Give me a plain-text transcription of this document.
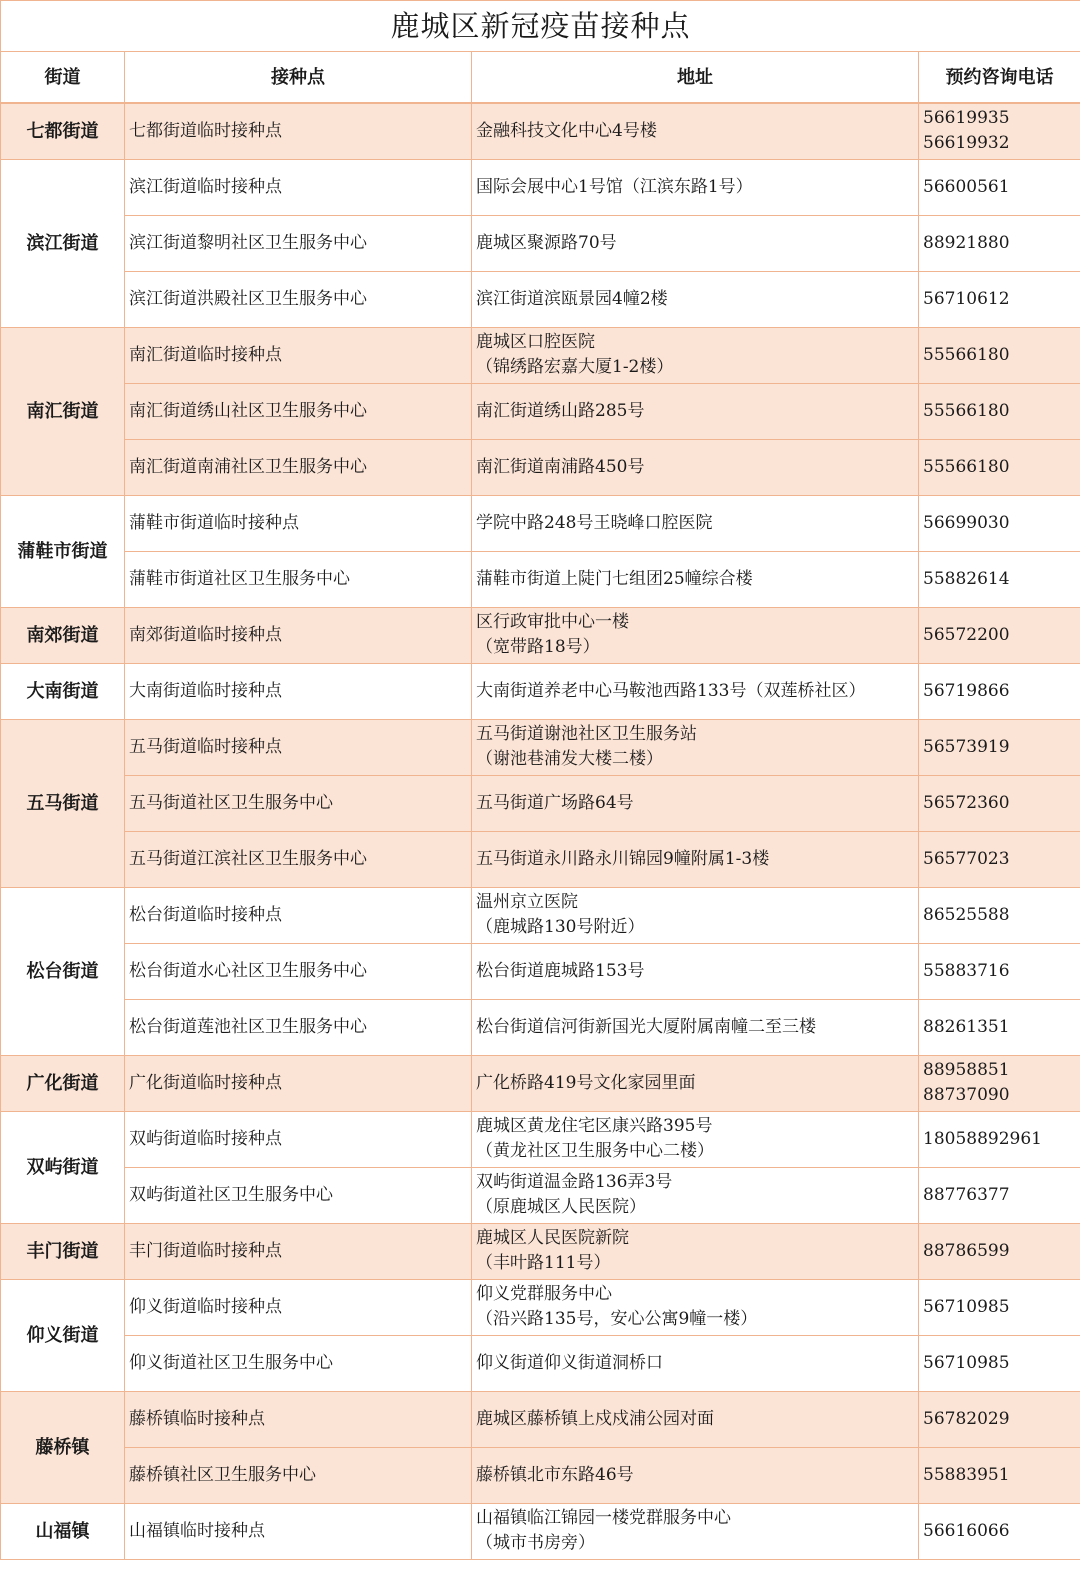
鹿城区新冠疫苗接种点			
街道	接种点	地址	预约咨询电话
七都街道	七都街道临时接种点	金融科技文化中心4号楼	56619935
56619932

滨江街道	滨江街道临时接种点	国际会展中心1号馆（江滨东路1号）	56600561

	滨江街道黎明社区卫生服务中心	鹿城区聚源路70号	88921880

	滨江街道洪殿社区卫生服务中心	滨江街道滨瓯景园4幢2楼	56710612

南汇街道	南汇街道临时接种点	鹿城区口腔医院
（锦绣路宏嘉大厦1-2楼）	55566180

	南汇街道绣山社区卫生服务中心	南汇街道绣山路285号	55566180

	南汇街道南浦社区卫生服务中心	南汇街道南浦路450号	55566180

蒲鞋市街道	蒲鞋市街道临时接种点	学院中路248号王晓峰口腔医院	56699030

	蒲鞋市街道社区卫生服务中心	蒲鞋市街道上陡门七组团25幢综合楼	55882614

南郊街道	南郊街道临时接种点	区行政审批中心一楼
（宽带路18号）	56572200

大南街道	大南街道临时接种点	大南街道养老中心马鞍池西路133号（双莲桥社区）	56719866

五马街道	五马街道临时接种点	五马街道谢池社区卫生服务站
（谢池巷浦发大楼二楼）	56573919

	五马街道社区卫生服务中心	五马街道广场路64号	56572360

	五马街道江滨社区卫生服务中心	五马街道永川路永川锦园9幢附属1-3楼	56577023

松台街道	松台街道临时接种点	温州京立医院
（鹿城路130号附近）	86525588

	松台街道水心社区卫生服务中心	松台街道鹿城路153号	55883716

	松台街道莲池社区卫生服务中心	松台街道信河街新国光大厦附属南幢二至三楼	88261351

广化街道	广化街道临时接种点	广化桥路419号文化家园里面	88958851
88737090

双屿街道	双屿街道临时接种点	鹿城区黄龙住宅区康兴路395号
（黄龙社区卫生服务中心二楼）	18058892961

	双屿街道社区卫生服务中心	双屿街道温金路136弄3号
（原鹿城区人民医院）	88776377

丰门街道	丰门街道临时接种点	鹿城区人民医院新院
（丰叶路111号）	88786599

仰义街道	仰义街道临时接种点	仰义党群服务中心
（沿兴路135号，安心公寓9幢一楼）	56710985

	仰义街道社区卫生服务中心	仰义街道仰义街道洞桥口	56710985

藤桥镇	藤桥镇临时接种点	鹿城区藤桥镇上戍戍浦公园对面	56782029

	藤桥镇社区卫生服务中心	藤桥镇北市东路46号	55883951

山福镇	山福镇临时接种点	山福镇临江锦园一楼党群服务中心
（城市书房旁）	56616066
